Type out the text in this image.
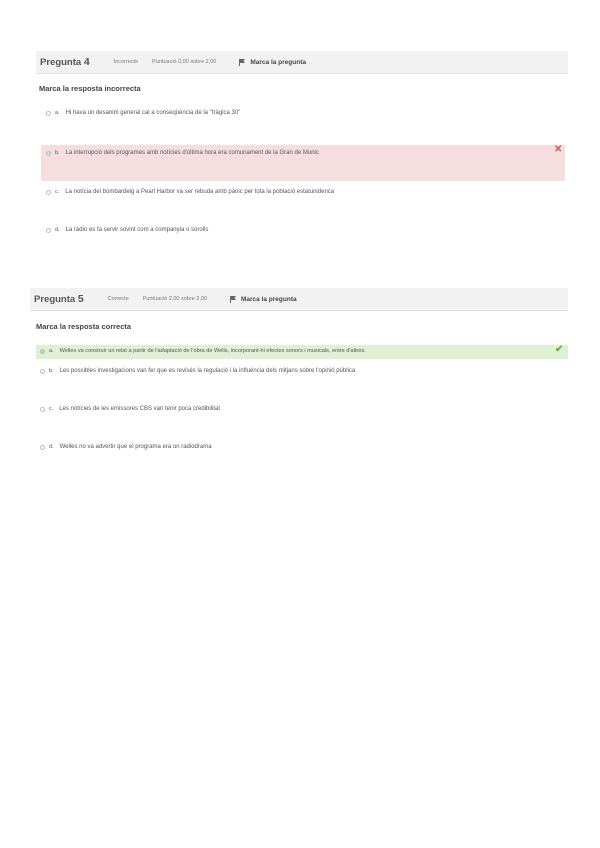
Pregunta 4	Incorrecte	Puntuació 0,00 sobre 2,00	Marca la pregunta
Marca la resposta incorrecta
a. Hi hava un desanim general cal a conseqüència de la "tràgica 30"
b. La interrupció dels programes amb notícies d'última hora era comunament de la Gran de Munic	✕
c. La notícia del bombardeig a Pearl Harbor va ser rebuda amb pànic per tota la població estatunidenca
d. La ràdio es fa servir sovint com a companyia o sorolls
Pregunta 5	Correcte	Puntuació 2,00 sobre 2,00	Marca la pregunta
Marca la resposta correcta
a. Welles va construir un relat a partir de l'adaptació de l'obra de Wells, incorporant-hi efectes sonors i musicals, entre d'altres.	✔
b. Les possibles investigacions van fer que es revisés la regulació i la influència dels mitjans sobre l'opinió pública
c. Les notícies de les emissores CBS van tenir poca credibilitat
d. Welles no va advertir que el programa era un radiodrama
